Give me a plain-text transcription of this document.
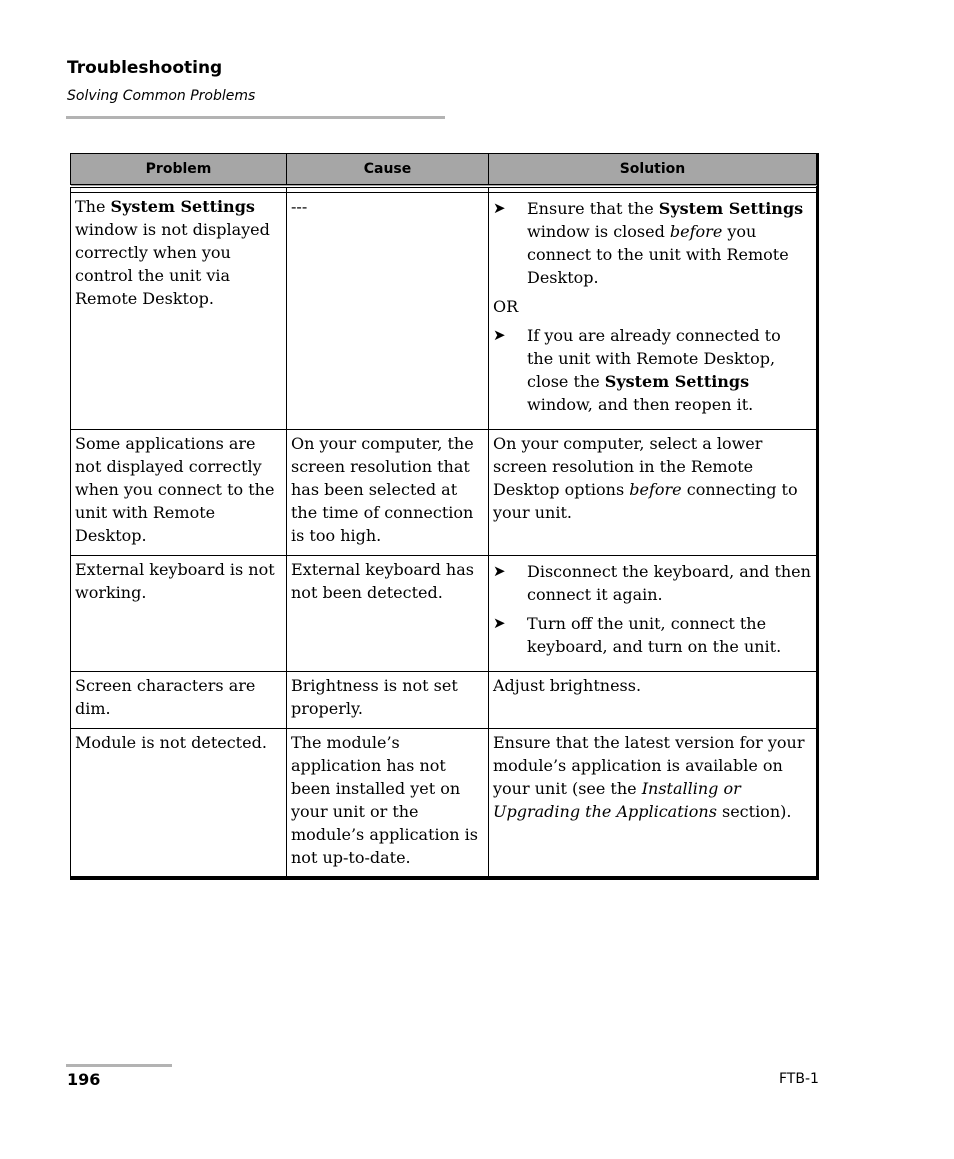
Troubleshooting
Solving Common Problems
Problem	Cause	Solution

The System Settings window is not displayed correctly when you control the unit via Remote Desktop.	---	➤ Ensure that the System Settings window is closed before you connect to the unit with Remote Desktop.
OR
➤ If you are already connected to the unit with Remote Desktop, close the System Settings window, and then reopen it.

Some applications are not displayed correctly when you connect to the unit with Remote Desktop.	On your computer, the screen resolution that has been selected at the time of connection is too high.	On your computer, select a lower screen resolution in the Remote Desktop options before connecting to your unit.
External keyboard is not working.	External keyboard has not been detected.	➤ Disconnect the keyboard, and then connect it again.
➤ Turn off the unit, connect the keyboard, and turn on the unit.

Screen characters are dim.	Brightness is not set properly.	Adjust brightness.
Module is not detected.	The module’s application has not been installed yet on your unit or the module’s application is not up-to-date.	Ensure that the latest version for your module’s application is available on your unit (see the Installing or Upgrading the Applications section).
196	FTB-1
